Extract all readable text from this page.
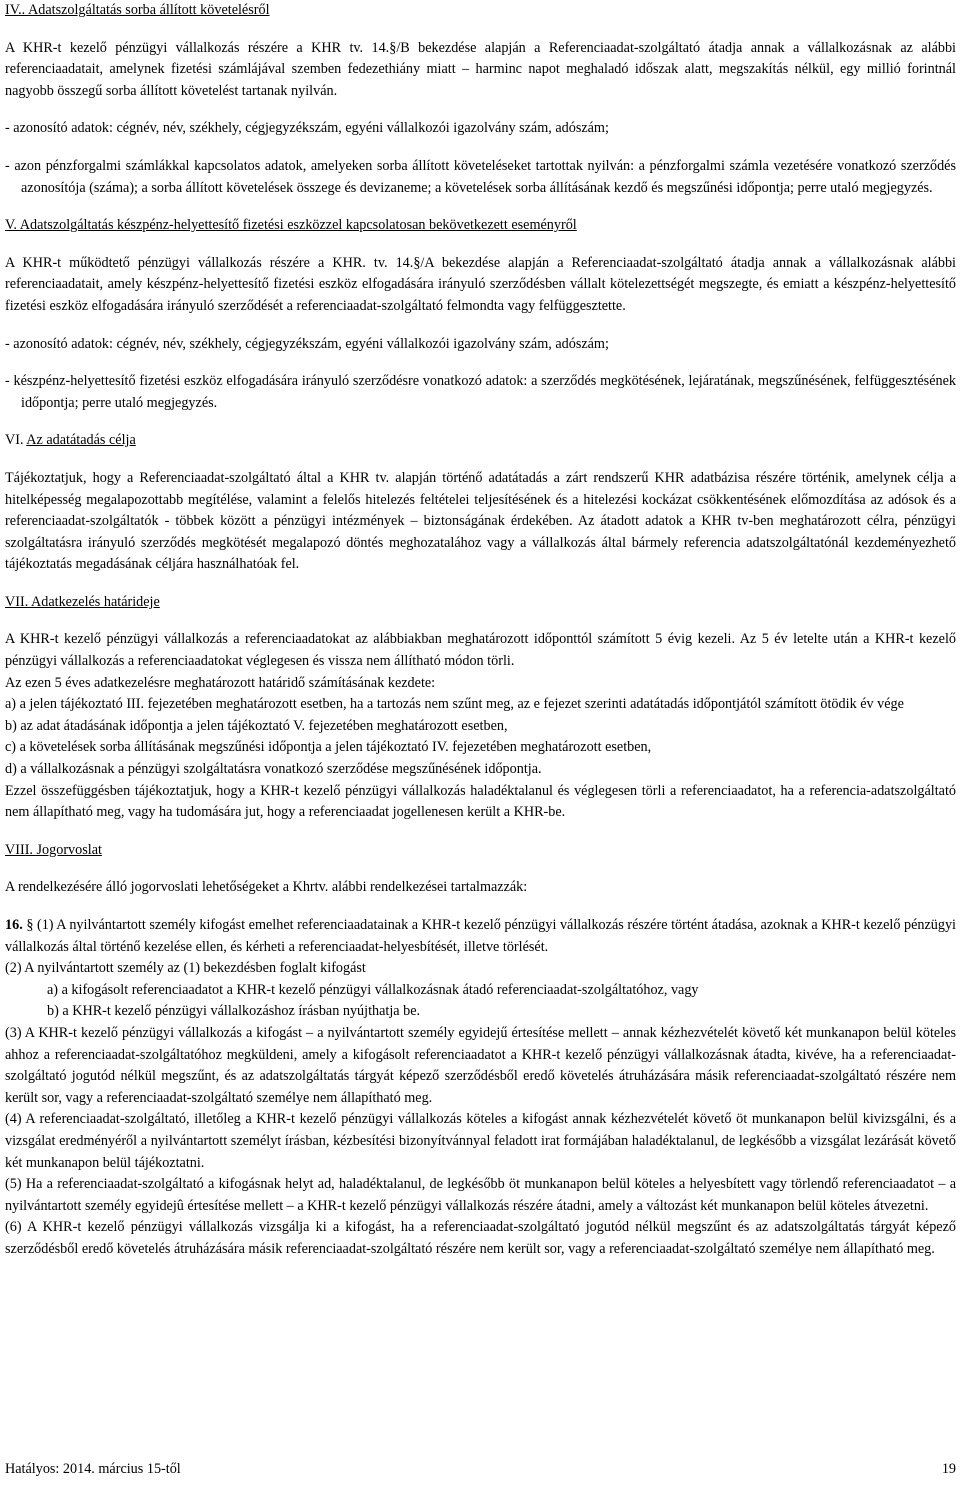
IV.. Adatszolgáltatás sorba állított követelésről

A KHR-t kezelő pénzügyi vállalkozás részére a KHR tv. 14.§/B bekezdése alapján a Referenciaadat-szolgáltató átadja annak a vállalkozásnak az alábbi referenciaadatait, amelynek fizetési számlájával szemben fedezethiány miatt – harminc napot meghaladó időszak alatt, megszakítás nélkül, egy millió forintnál nagyobb összegű sorba állított követelést tartanak nyilván.

- azonosító adatok: cégnév, név, székhely, cégjegyzékszám, egyéni vállalkozói igazolvány szám, adószám;

- azon pénzforgalmi számlákkal kapcsolatos adatok, amelyeken sorba állított követeléseket tartottak nyilván: a pénzforgalmi számla vezetésére vonatkozó szerződés azonosítója (száma); a sorba állított követelések összege és devizaneme; a követelések sorba állításának kezdő és megszűnési időpontja; perre utaló megjegyzés.

V. Adatszolgáltatás készpénz-helyettesítő fizetési eszközzel kapcsolatosan bekövetkezett eseményről

A KHR-t működtető pénzügyi vállalkozás részére a KHR. tv. 14.§/A bekezdése alapján a Referenciaadat-szolgáltató átadja annak a vállalkozásnak alábbi referenciaadatait, amely készpénz-helyettesítő fizetési eszköz elfogadására irányuló szerződésben vállalt kötelezettségét megszegte, és emiatt a készpénz-helyettesítő fizetési eszköz elfogadására irányuló szerződését a referenciaadat-szolgáltató felmondta vagy felfüggesztette.

- azonosító adatok: cégnév, név, székhely, cégjegyzékszám, egyéni vállalkozói igazolvány szám, adószám;

- készpénz-helyettesítő fizetési eszköz elfogadására irányuló szerződésre vonatkozó adatok: a szerződés megkötésének, lejáratának, megszűnésének, felfüggesztésének időpontja; perre utaló megjegyzés.

VI. Az adatátadás célja

Tájékoztatjuk, hogy a Referenciaadat-szolgáltató által a KHR tv. alapján történő adatátadás a zárt rendszerű KHR adatbázisa részére történik, amelynek célja a hitelképesség megalapozottabb megítélése, valamint a felelős hitelezés feltételei teljesítésének és a hitelezési kockázat csökkentésének előmozdítása az adósok és a referenciaadat-szolgáltatók - többek között a pénzügyi intézmények – biztonságának érdekében. Az átadott adatok a KHR tv-ben meghatározott célra, pénzügyi szolgáltatásra irányuló szerződés megkötését megalapozó döntés meghozatalához vagy a vállalkozás által bármely referencia adatszolgáltatónál kezdeményezhető tájékoztatás megadásának céljára használhatóak fel.

VII. Adatkezelés határideje

A KHR-t kezelő pénzügyi vállalkozás a referenciaadatokat az alábbiakban meghatározott időponttól számított 5 évig kezeli. Az 5 év letelte után a KHR-t kezelő pénzügyi vállalkozás a referenciaadatokat véglegesen és vissza nem állítható módon törli.

Az ezen 5 éves adatkezelésre meghatározott határidő számításának kezdete:

a) a jelen tájékoztató III. fejezetében meghatározott esetben, ha a tartozás nem szűnt meg, az e fejezet szerinti adatátadás időpontjától számított ötödik év vége

b) az adat átadásának időpontja a jelen tájékoztató V. fejezetében meghatározott esetben,

c) a követelések sorba állításának megszűnési időpontja a jelen tájékoztató IV. fejezetében meghatározott esetben,

d) a vállalkozásnak a pénzügyi szolgáltatásra vonatkozó szerződése megszűnésének időpontja.

Ezzel összefüggésben tájékoztatjuk, hogy a KHR-t kezelő pénzügyi vállalkozás haladéktalanul és véglegesen törli a referenciaadatot, ha a referencia-adatszolgáltató nem állapítható meg, vagy ha tudomására jut, hogy a referenciaadat jogellenesen került a KHR-be.

VIII. Jogorvoslat

A rendelkezésére álló jogorvoslati lehetőségeket a Khrtv. alábbi rendelkezései tartalmazzák:

16. § (1) A nyilvántartott személy kifogást emelhet referenciaadatainak a KHR-t kezelő pénzügyi vállalkozás részére történt átadása, azoknak a KHR-t kezelő pénzügyi vállalkozás által történő kezelése ellen, és kérheti a referenciaadat-helyesbítését, illetve törlését.

(2) A nyilvántartott személy az (1) bekezdésben foglalt kifogást

a) a kifogásolt referenciaadatot a KHR-t kezelő pénzügyi vállalkozásnak átadó referenciaadat-szolgáltatóhoz, vagy

b) a KHR-t kezelő pénzügyi vállalkozáshoz írásban nyújthatja be.

(3) A KHR-t kezelő pénzügyi vállalkozás a kifogást – a nyilvántartott személy egyidejű értesítése mellett – annak kézhezvételét követő két munkanapon belül köteles ahhoz a referenciaadat-szolgáltatóhoz megküldeni, amely a kifogásolt referenciaadatot a KHR-t kezelő pénzügyi vállalkozásnak átadta, kivéve, ha a referenciaadat-szolgáltató jogutód nélkül megszűnt, és az adatszolgáltatás tárgyát képező szerződésből eredő követelés átruházására másik referenciaadat-szolgáltató részére nem került sor, vagy a referenciaadat-szolgáltató személye nem állapítható meg.

(4) A referenciaadat-szolgáltató, illetőleg a KHR-t kezelő pénzügyi vállalkozás köteles a kifogást annak kézhezvételét követő öt munkanapon belül kivizsgálni, és a vizsgálat eredményéről a nyilvántartott személyt írásban, kézbesítési bizonyítvánnyal feladott irat formájában haladéktalanul, de legkésőbb a vizsgálat lezárását követő két munkanapon belül tájékoztatni.

(5) Ha a referenciaadat-szolgáltató a kifogásnak helyt ad, haladéktalanul, de legkésőbb öt munkanapon belül köteles a helyesbített vagy törlendő referenciaadatot – a nyilvántartott személy egyidejû értesítése mellett – a KHR-t kezelő pénzügyi vállalkozás részére átadni, amely a változást két munkanapon belül köteles átvezetni.

(6) A KHR-t kezelő pénzügyi vállalkozás vizsgálja ki a kifogást, ha a referenciaadat-szolgáltató jogutód nélkül megszűnt és az adatszolgáltatás tárgyát képező szerződésből eredő követelés átruházására másik referenciaadat-szolgáltató részére nem került sor, vagy a referenciaadat-szolgáltató személye nem állapítható meg.

Hatályos: 2014. március 15-től	19
